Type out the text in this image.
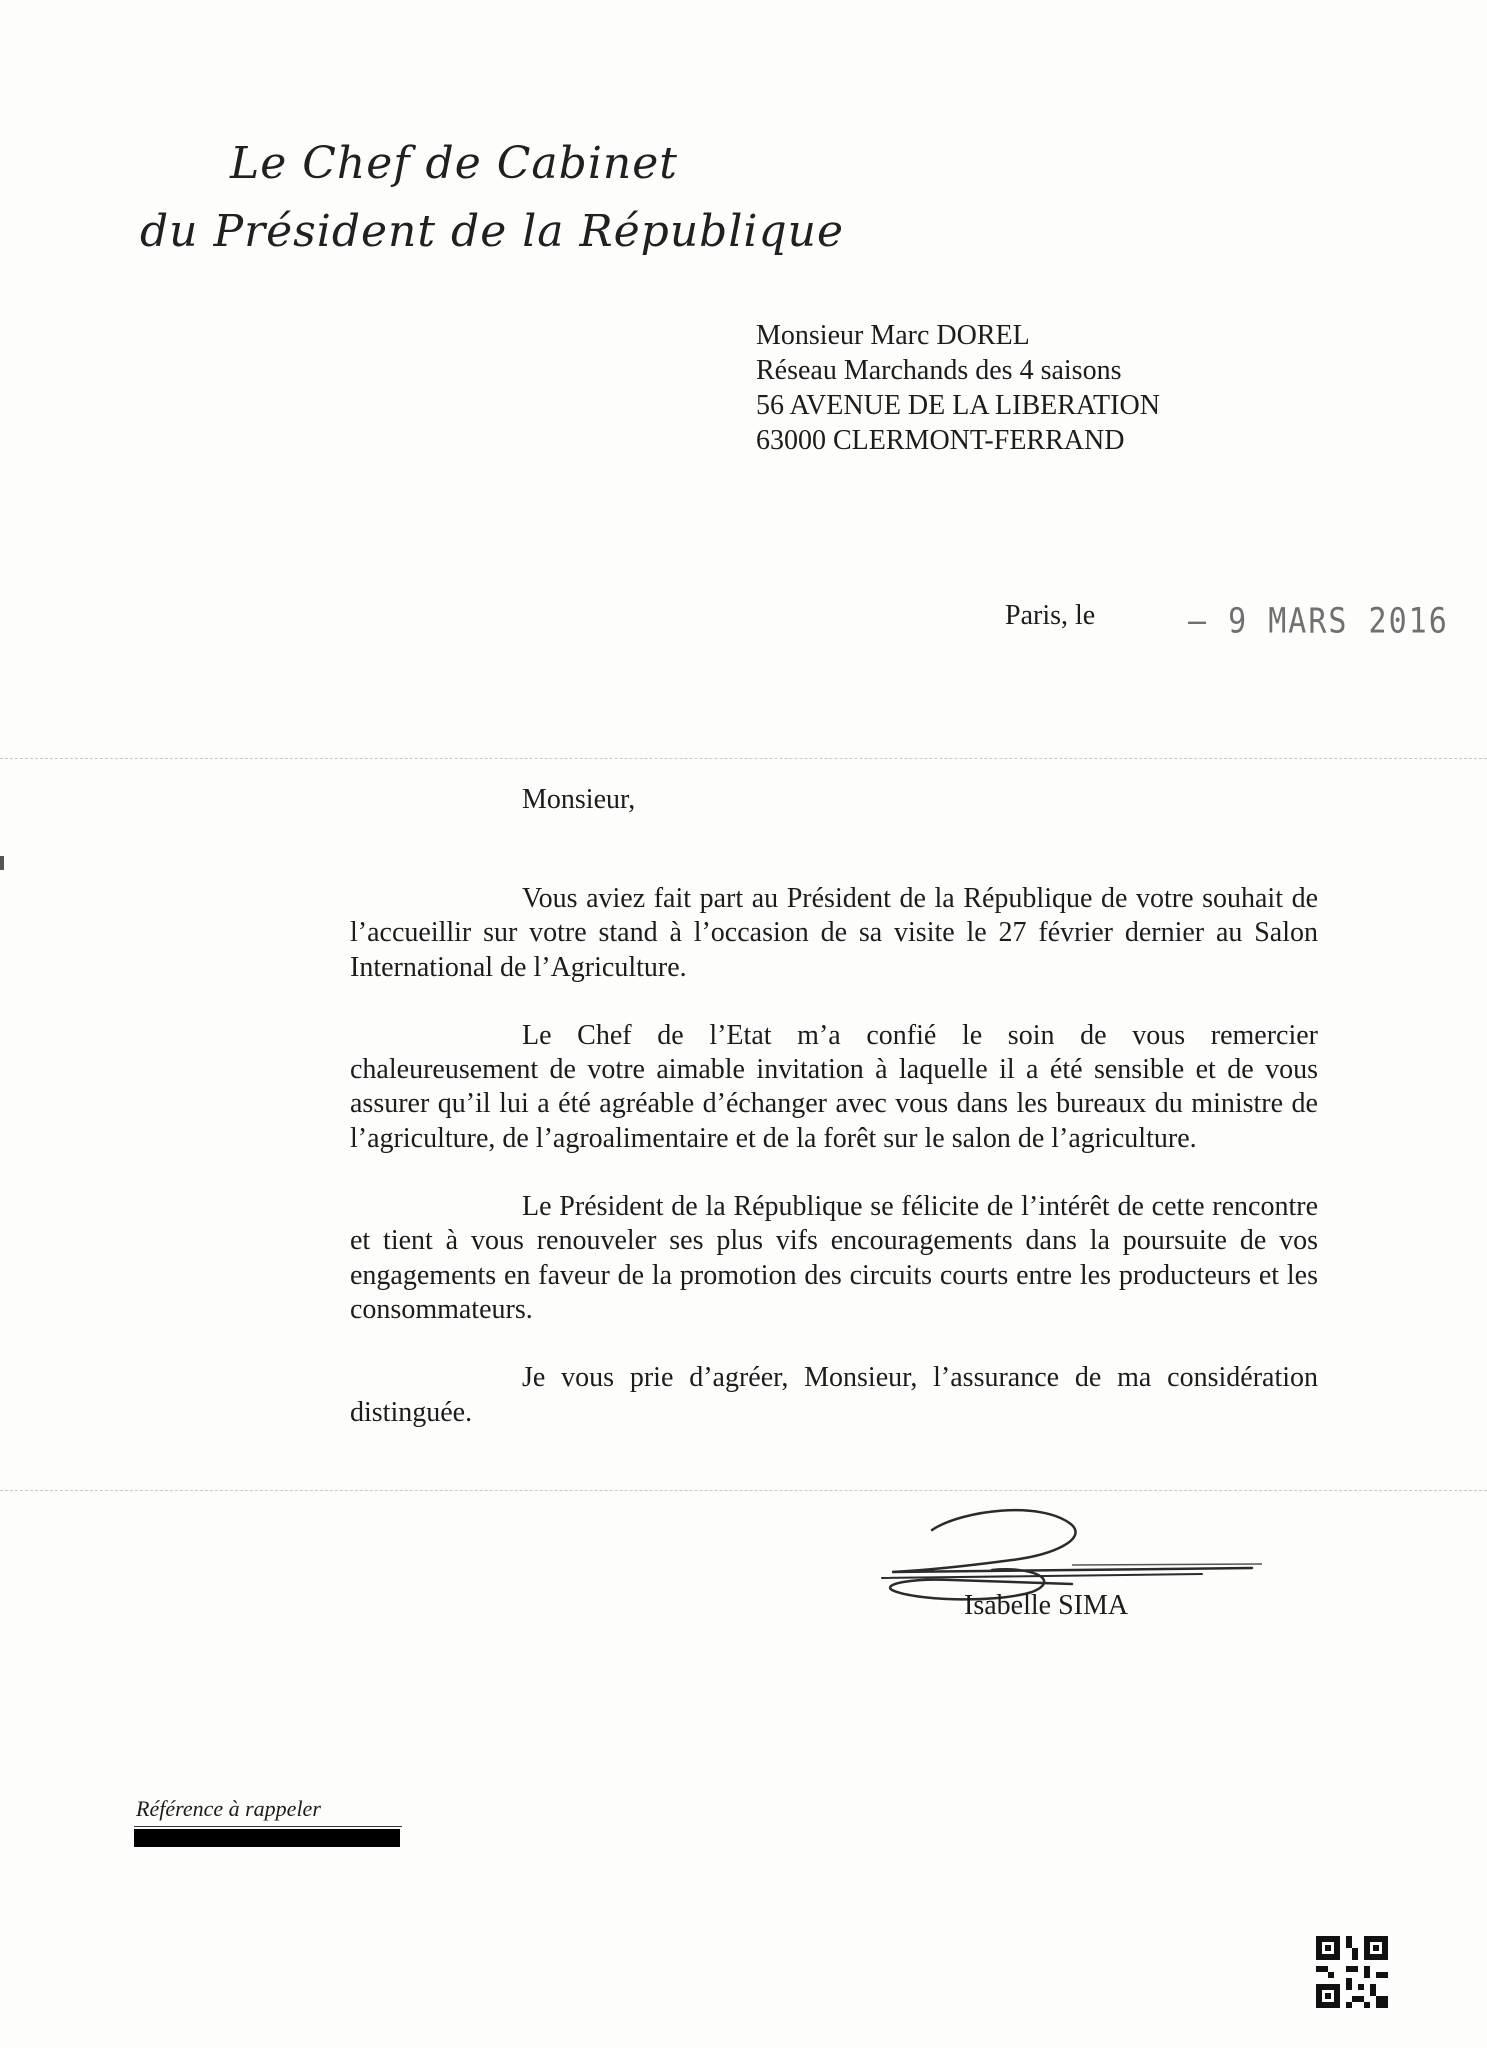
Le Chef de Cabinet
du Président de la République
Monsieur Marc DOREL
Réseau Marchands des 4 saisons
56 AVENUE DE LA LIBERATION
63000 CLERMONT-FERRAND
Paris, le	– 9 MARS 2016
Monsieur,

Vous aviez fait part au Président de la République de votre souhait de l’accueillir sur votre stand à l’occasion de sa visite le 27 février dernier au Salon International de l’Agriculture.

Le Chef de l’Etat m’a confié le soin de vous remercier chaleureusement de votre aimable invitation à laquelle il a été sensible et de vous assurer qu’il lui a été agréable d’échanger avec vous dans les bureaux du ministre de l’agriculture, de l’agroalimentaire et de la forêt sur le salon de l’agriculture.

Le Président de la République se félicite de l’intérêt de cette rencontre et tient à vous renouveler ses plus vifs encouragements dans la poursuite de vos engagements en faveur de la promotion des circuits courts entre les producteurs et les consommateurs.

Je vous prie d’agréer, Monsieur, l’assurance de ma considération distinguée.

Isabelle SIMA
Référence à rappeler
